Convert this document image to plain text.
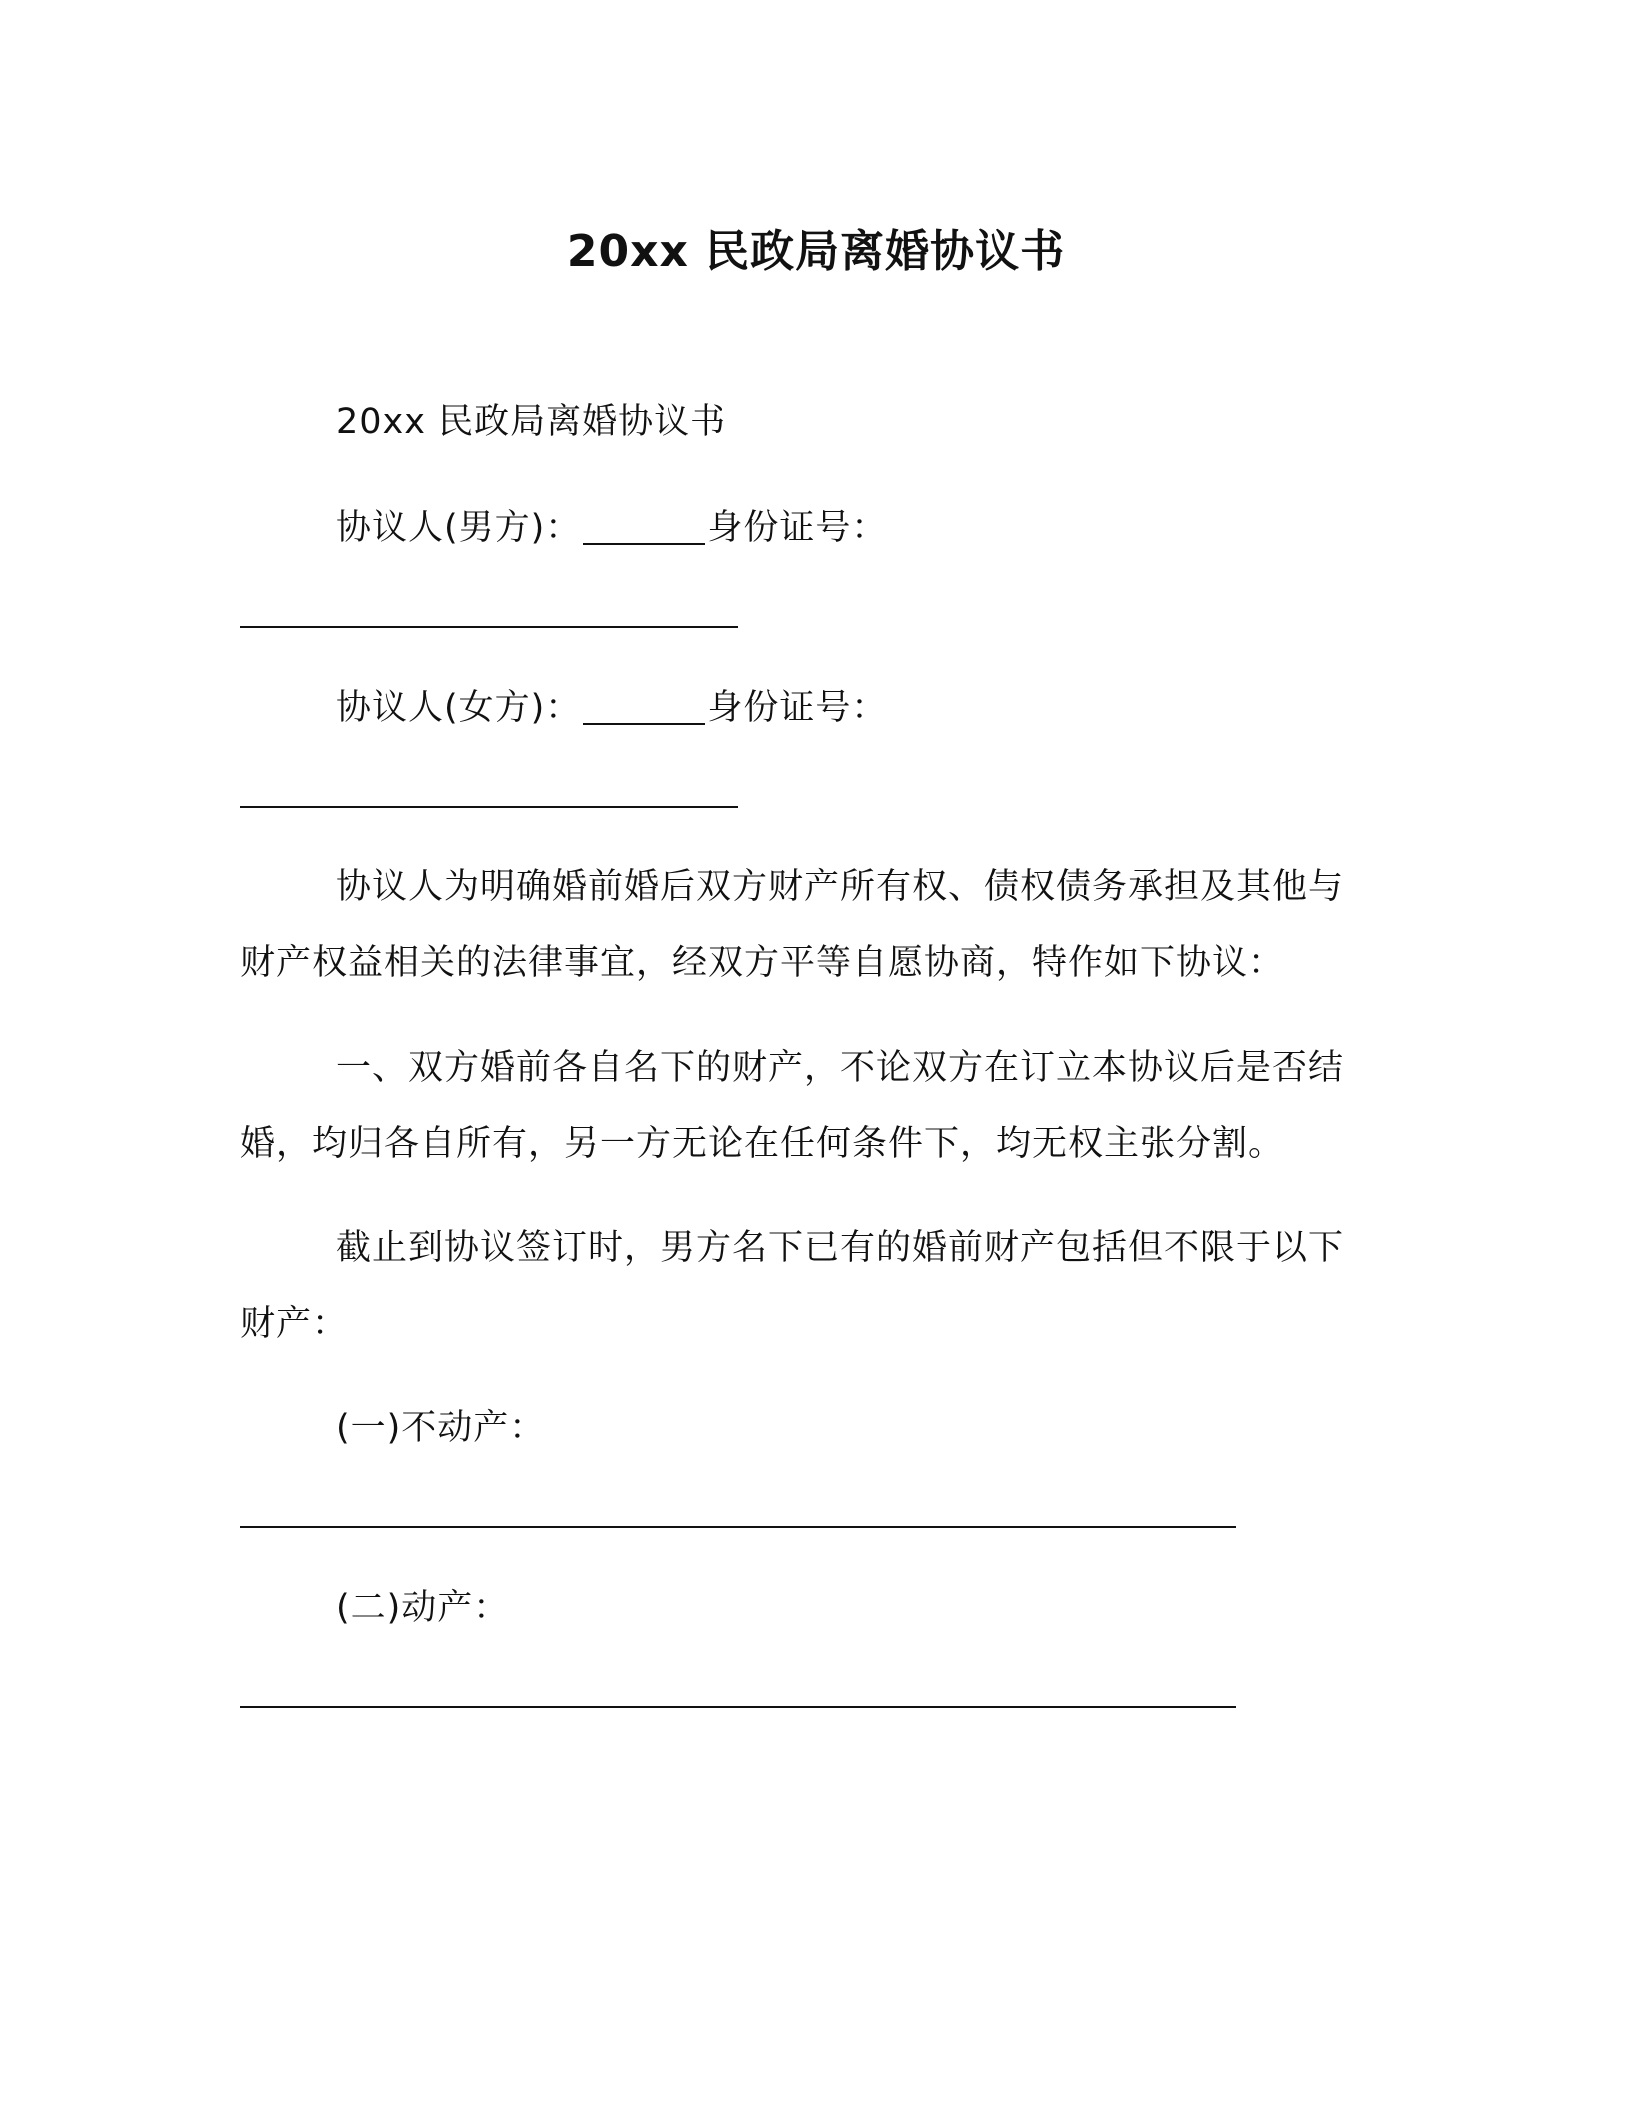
20xx 民政局离婚协议书
20xx 民政局离婚协议书
协议人(男方)：	身份证号：
协议人(女方)：	身份证号：
协议人为明确婚前婚后双方财产所有权、债权债务承担及其他与
财产权益相关的法律事宜，经双方平等自愿协商，特作如下协议：
一、双方婚前各自名下的财产，不论双方在订立本协议后是否结
婚，均归各自所有，另一方无论在任何条件下，均无权主张分割。
截止到协议签订时，男方名下已有的婚前财产包括但不限于以下
财产：
(一)不动产：
(二)动产：
